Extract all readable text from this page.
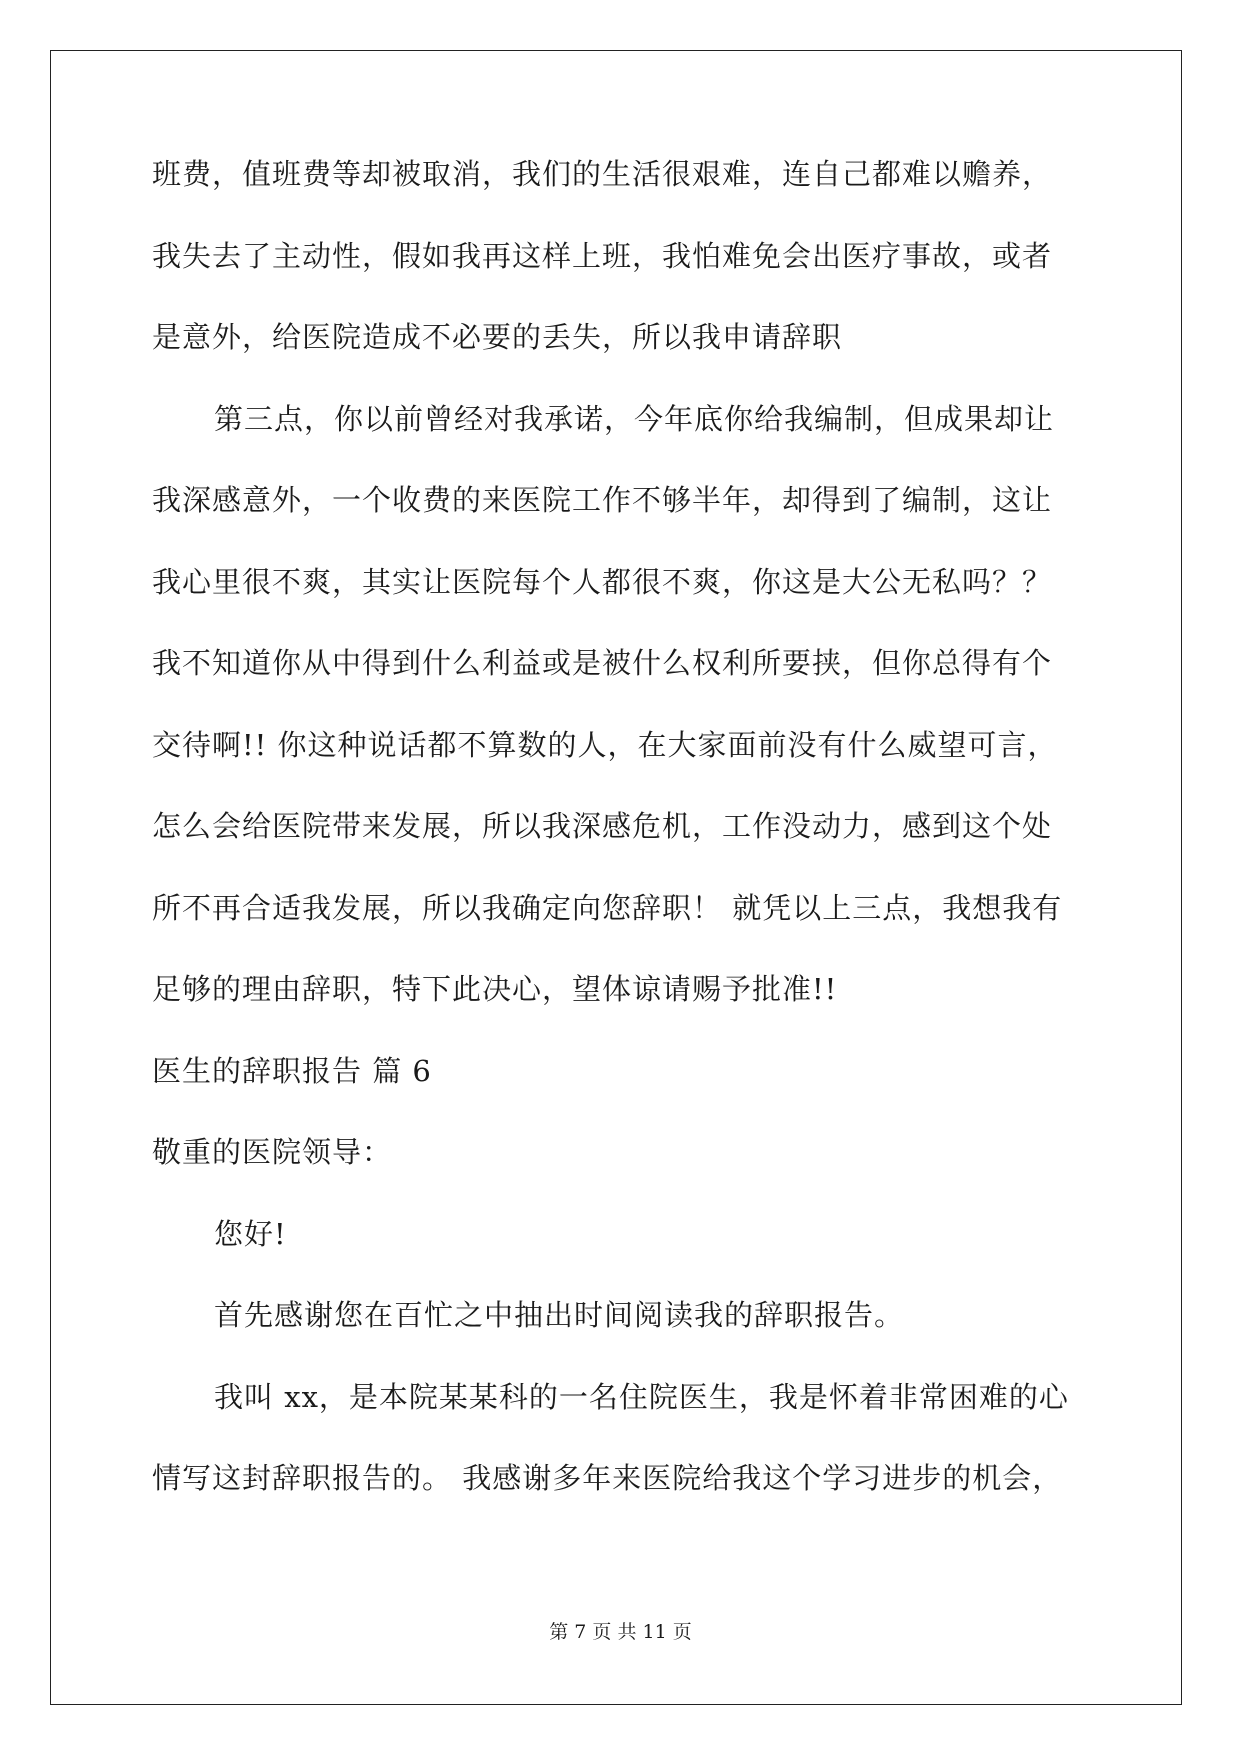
班费，值班费等却被取消，我们的生活很艰难，连自己都难以赡养，
我失去了主动性，假如我再这样上班，我怕难免会出医疗事故，或者
是意外，给医院造成不必要的丢失，所以我申请辞职
第三点，你以前曾经对我承诺，今年底你给我编制，但成果却让
我深感意外，一个收费的来医院工作不够半年，却得到了编制，这让
我心里很不爽，其实让医院每个人都很不爽，你这是大公无私吗？？
我不知道你从中得到什么利益或是被什么权利所要挟，但你总得有个
交待啊!! 你这种说话都不算数的人，在大家面前没有什么威望可言，
怎么会给医院带来发展，所以我深感危机，工作没动力，感到这个处
所不再合适我发展，所以我确定向您辞职！ 就凭以上三点，我想我有
足够的理由辞职，特下此决心，望体谅请赐予批准!!
医生的辞职报告 篇 6
敬重的医院领导：
您好!
首先感谢您在百忙之中抽出时间阅读我的辞职报告。
我叫 xx，是本院某某科的一名住院医生，我是怀着非常困难的心
情写这封辞职报告的。 我感谢多年来医院给我这个学习进步的机会，
第 7 页 共 11 页
